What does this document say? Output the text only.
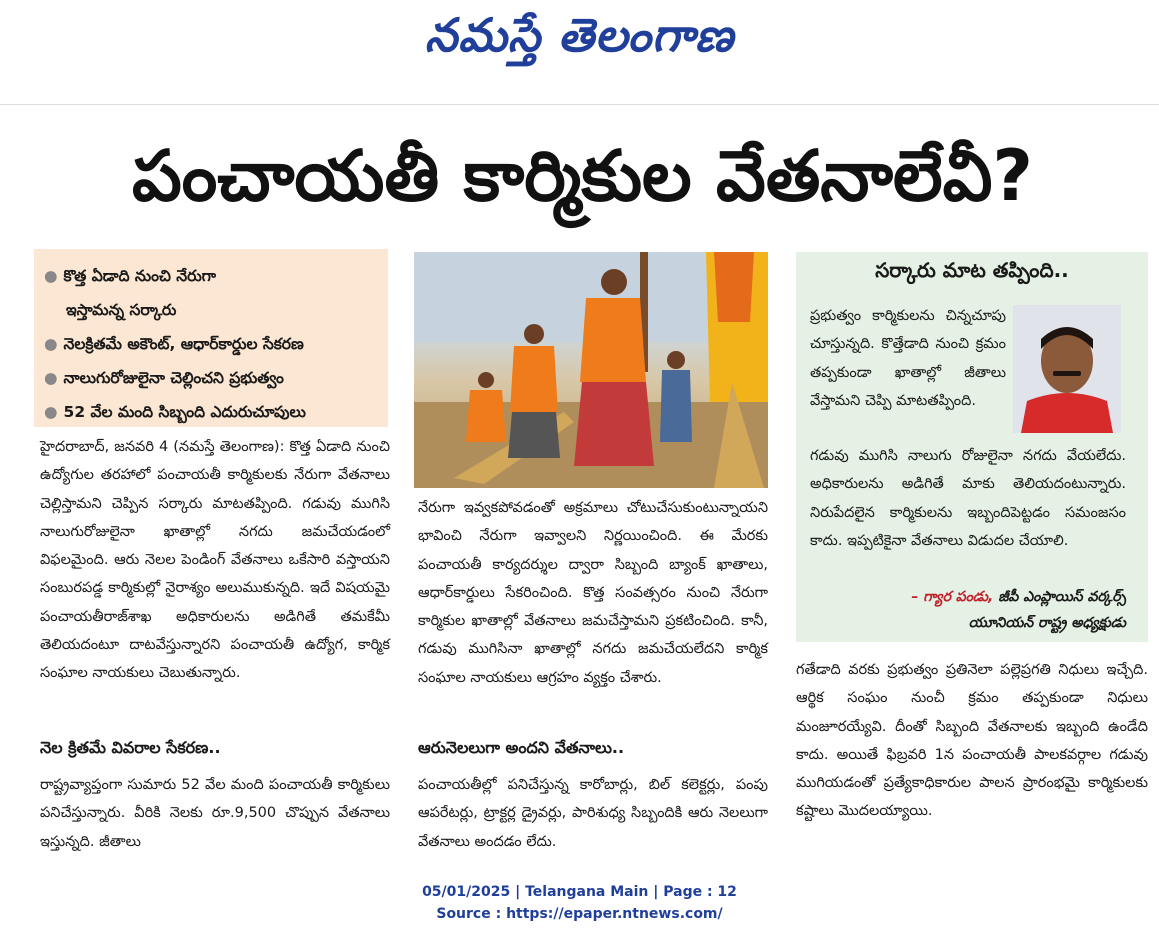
నమస్తే తెలంగాణ
పంచాయతీ కార్మికుల వేతనాలేవీ?
● కొత్త ఏడాది నుంచి నేరుగా
ఇస్తామన్న సర్కారు
● నెలక్రితమే అకౌంట్, ఆధార్‌కార్డుల సేకరణ
● నాలుగురోజులైనా చెల్లించని ప్రభుత్వం
● 52 వేల మంది సిబ్బంది ఎదురుచూపులు

హైదరాబాద్, జనవరి 4 (నమస్తే తెలంగాణ): కొత్త ఏడాది నుంచి ఉద్యోగుల తరహాలో పంచాయతీ కార్మికులకు నేరుగా వేతనాలు చెల్లిస్తామని చెప్పిన సర్కారు మాటతప్పింది. గడువు ముగిసి నాలుగురోజులైనా ఖాతాల్లో నగదు జమచేయడంలో విఫలమైంది. ఆరు నెలల పెండింగ్ వేతనాలు ఒకేసారి వస్తాయని సంబురపడ్డ కార్మికుల్లో నైరాశ్యం అలుముకున్నది. ఇదే విషయమై పంచాయతీరాజ్‌శాఖ అధికారులను అడిగితే తమకేమీ తెలియదంటూ దాటవేస్తున్నారని పంచాయతీ ఉద్యోగ, కార్మిక సంఘాల నాయకులు చెబుతున్నారు.

నెల క్రితమే వివరాల సేకరణ..

రాష్ట్రవ్యాప్తంగా సుమారు 52 వేల మంది పంచాయతీ కార్మికులు పనిచేస్తున్నారు. వీరికి నెలకు రూ.9,500 చొప్పున వేతనాలు ఇస్తున్నది. జీతాలు

నేరుగా ఇవ్వకపోవడంతో అక్రమాలు చోటుచేసుకుంటున్నాయని భావించి నేరుగా ఇవ్వాలని నిర్ణయించింది. ఈ మేరకు పంచాయతీ కార్యదర్శుల ద్వారా సిబ్బంది బ్యాంక్ ఖాతాలు, ఆధార్‌కార్డులు సేకరించింది. కొత్త సంవత్సరం నుంచి నేరుగా కార్మికుల ఖాతాల్లో వేతనాలు జమచేస్తామని ప్రకటించింది. కానీ, గడువు ముగిసినా ఖాతాల్లో నగదు జమచేయలేదని కార్మిక సంఘాల నాయకులు ఆగ్రహం వ్యక్తం చేశారు.

ఆరునెలలుగా అందని వేతనాలు..

పంచాయతీల్లో పనిచేస్తున్న కారోబార్లు, బిల్ కలెక్టర్లు, పంపు ఆపరేటర్లు, ట్రాక్టర్ల డ్రైవర్లు, పారిశుధ్య సిబ్బందికి ఆరు నెలలుగా వేతనాలు అందడం లేదు.

సర్కారు మాట తప్పింది..

ప్రభుత్వం కార్మికులను చిన్నచూపు చూస్తున్నది. కొత్తేడాది నుంచి క్రమం తప్పకుండా ఖాతాల్లో జీతాలు వేస్తామని చెప్పి మాటతప్పింది.

గడువు ముగిసి నాలుగు రోజులైనా నగదు వేయలేదు. అధికారులను అడిగితే మాకు తెలియదంటున్నారు. నిరుపేదలైన కార్మికులను ఇబ్బందిపెట్టడం సమంజసం కాదు. ఇప్పటికైనా వేతనాలు విడుదల చేయాలి.

– గ్యార పండు, జీపీ ఎంప్లాయిస్ వర్కర్స్
యూనియన్ రాష్ట్ర అధ్యక్షుడు

గతేడాది వరకు ప్రభుత్వం ప్రతినెలా పల్లెప్రగతి నిధులు ఇచ్చేది. ఆర్థిక సంఘం నుంచీ క్రమం తప్పకుండా నిధులు మంజూరయ్యేవి. దీంతో సిబ్బంది వేతనాలకు ఇబ్బంది ఉండేది కాదు. అయితే ఫిబ్రవరి 1న పంచాయతీ పాలకవర్గాల గడువు ముగియడంతో ప్రత్యేకాధికారుల పాలన ప్రారంభమై కార్మికులకు కష్టాలు మొదలయ్యాయి.

05/01/2025 | Telangana Main | Page : 12
Source : https://epaper.ntnews.com/
